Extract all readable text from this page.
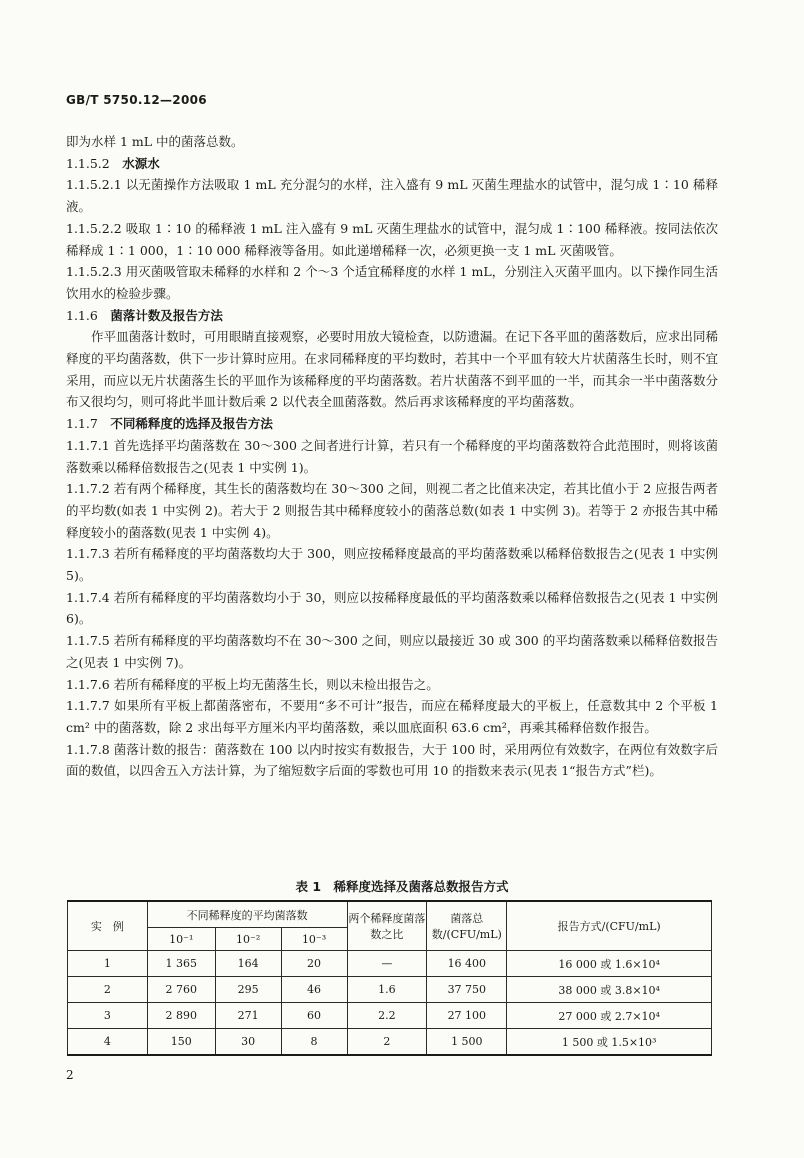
GB/T 5750.12—2006

即为水样 1 mL 中的菌落总数。

1.1.5.2　 水源水

1.1.5.2.1 以无菌操作方法吸取 1 mL 充分混匀的水样，注入盛有 9 mL 灭菌生理盐水的试管中，混匀成 1∶10 稀释液。

1.1.5.2.2 吸取 1∶10 的稀释液 1 mL 注入盛有 9 mL 灭菌生理盐水的试管中，混匀成 1∶100 稀释液。按同法依次稀释成 1∶1 000，1∶10 000 稀释液等备用。如此递增稀释一次，必须更换一支 1 mL 灭菌吸管。

1.1.5.2.3 用灭菌吸管取未稀释的水样和 2 个～3 个适宜稀释度的水样 1 mL，分别注入灭菌平皿内。以下操作同生活饮用水的检验步骤。

1.1.6　 菌落计数及报告方法

作平皿菌落计数时，可用眼睛直接观察，必要时用放大镜检查，以防遗漏。在记下各平皿的菌落数后，应求出同稀释度的平均菌落数，供下一步计算时应用。在求同稀释度的平均数时，若其中一个平皿有较大片状菌落生长时，则不宜采用，而应以无片状菌落生长的平皿作为该稀释度的平均菌落数。若片状菌落不到平皿的一半，而其余一半中菌落数分布又很均匀，则可将此半皿计数后乘 2 以代表全皿菌落数。然后再求该稀释度的平均菌落数。

1.1.7　 不同稀释度的选择及报告方法

1.1.7.1 首先选择平均菌落数在 30～300 之间者进行计算，若只有一个稀释度的平均菌落数符合此范围时，则将该菌落数乘以稀释倍数报告之(见表 1 中实例 1)。

1.1.7.2 若有两个稀释度，其生长的菌落数均在 30～300 之间，则视二者之比值来决定，若其比值小于 2 应报告两者的平均数(如表 1 中实例 2)。若大于 2 则报告其中稀释度较小的菌落总数(如表 1 中实例 3)。若等于 2 亦报告其中稀释度较小的菌落数(见表 1 中实例 4)。

1.1.7.3 若所有稀释度的平均菌落数均大于 300，则应按稀释度最高的平均菌落数乘以稀释倍数报告之(见表 1 中实例 5)。

1.1.7.4 若所有稀释度的平均菌落数均小于 30，则应以按稀释度最低的平均菌落数乘以稀释倍数报告之(见表 1 中实例 6)。

1.1.7.5 若所有稀释度的平均菌落数均不在 30～300 之间，则应以最接近 30 或 300 的平均菌落数乘以稀释倍数报告之(见表 1 中实例 7)。

1.1.7.6 若所有稀释度的平板上均无菌落生长，则以未检出报告之。

1.1.7.7 如果所有平板上都菌落密布，不要用“多不可计”报告，而应在稀释度最大的平板上，任意数其中 2 个平板 1 cm² 中的菌落数，除 2 求出每平方厘米内平均菌落数，乘以皿底面积 63.6 cm²，再乘其稀释倍数作报告。

1.1.7.8 菌落计数的报告：菌落数在 100 以内时按实有数报告，大于 100 时，采用两位有效数字，在两位有效数字后面的数值，以四舍五入方法计算，为了缩短数字后面的零数也可用 10 的指数来表示(见表 1“报告方式”栏)。

表 1　稀释度选择及菌落总数报告方式
实　例	不同稀释度的平均菌落数			两个稀释度菌落数之比	菌落总数/(CFU/mL)	报告方式/(CFU/mL)
	10⁻¹	10⁻²	10⁻³			
1	1 365	164	20	—	16 400	16 000 或 1.6×10⁴
2	2 760	295	46	1.6	37 750	38 000 或 3.8×10⁴
3	2 890	271	60	2.2	27 100	27 000 或 2.7×10⁴
4	150	30	8	2	1 500	1 500 或 1.5×10³
2
